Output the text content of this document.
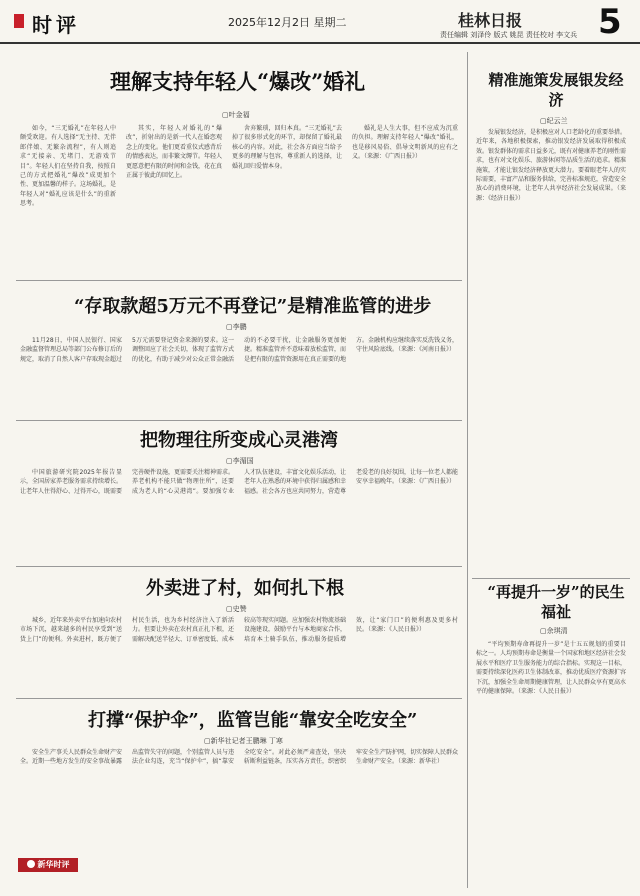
时评	2025年12月2日 星期二	桂林日报 5
责任编辑 刘泽伶 版式 姚昆 责任校对 李文兵
理解支持年轻人“爆改”婚礼
▢叶金福
如今，“三无婚礼”在年轻人中颇受欢迎。有人选择“无主持、无伴郎伴娘、无繁杂流程”，有人则追求“无接亲、无堵门、无游戏节目”。年轻人们在坚持自我，按照自己的方式把婚礼“爆改”成更加个性、更加温馨的样子。这场婚礼，是年轻人对“婚礼应该是什么”的重新思考。
其实，年轻人对婚礼的“爆改”，折射出的是新一代人在婚恋观念上的变化。他们更看重仪式感背后的情感表达，而非繁文缛节。年轻人更愿意把有限的时间和金钱，花在真正属于彼此的回忆上。
舍弃繁琐，回归本真。“三无婚礼”去掉了很多形式化的环节，却保留了婚礼最核心的内容。对此，社会各方面应当给予更多的理解与包容，尊重新人的选择，让婚礼回归爱情本身。
婚礼是人生大事，但不应成为沉重的负担。理解支持年轻人“爆改”婚礼，也是移风易俗、倡导文明新风的应有之义。（来源：《广西日报》）
“存取款超5万元不再登记”是精准监管的进步
▢李鹏
11月28日，中国人民银行、国家金融监督管理总局等部门公布修订后的规定，取消了自然人客户存取现金超过5万元需要登记资金来源的要求。这一调整回应了社会关切，体现了监管方式的优化，有助于减少对公众正常金融活动的不必要干扰，让金融服务更加便捷。精准监管并不意味着放松监管，而是把有限的监管资源用在真正需要的地方。金融机构应继续落实反洗钱义务，守住风险底线。（来源：《河南日报》）
把物理往所变成心灵港湾
▢李湄国
中国旅游研究院2025年报告显示，全国居家养老服务需求持续增长。让老年人住得舒心、过得开心，既需要完善硬件设施，更需要关注精神需求。养老机构不能只做“物理住所”，还要成为老人的“心灵港湾”。要加强专业人才队伍建设，丰富文化娱乐活动，让老年人在熟悉的环境中获得归属感和幸福感。社会各方也应共同努力，营造尊老爱老的良好氛围，让每一位老人都能安享幸福晚年。（来源：《广西日报》）
外卖进了村，如何扎下根
▢史赞
城乡，近年来外卖平台加速向农村市场下沉，越来越多的村民享受到“送货上门”的便利。外卖进村，既方便了村民生活，也为乡村经济注入了新活力。但要让外卖在农村真正扎下根，还需解决配送半径大、订单密度低、成本较高等现实问题。应加强农村物流基础设施建设，鼓励平台与本地商家合作，培育本土骑手队伍，推动服务提质增效，让“家门口”的便利惠及更多村民。（来源：《人民日报》）
打撑“保护伞”，监管岂能“靠安全吃安全”
▢新华社记者王鹏琳 丁寒
安全生产事关人民群众生命财产安全。近期一些地方发生的安全事故暴露出监管失守的问题，个别监管人员与违法企业勾连，充当“保护伞”，搞“靠安全吃安全”。对此必须严肃查处，坚决斩断利益链条，压实各方责任，织密织牢安全生产防护网，切实保障人民群众生命财产安全。（来源：新华社）
新华时评
精准施策发展银发经济
▢纪云兰
发展银发经济，是积极应对人口老龄化的重要举措。近年来，各地积极探索，推动银发经济发展取得积极成效。银发群体的需求日益多元，既有对健康养老的刚性需求，也有对文化娱乐、旅游休闲等品质生活的追求。精准施策，才能让银发经济释放更大潜力。要着眼老年人的实际需要，丰富产品和服务供给，完善标准规范，营造安全放心的消费环境，让老年人共享经济社会发展成果。（来源：《经济日报》）
“再提升一岁”的民生福祉
▢余琪清
“平均预期寿命再提升一岁”是十五五规划的重要目标之一。人均预期寿命是衡量一个国家和地区经济社会发展水平和医疗卫生服务能力的综合指标。实现这一目标，需要持续深化医药卫生体制改革，推动优质医疗资源扩容下沉，加强全生命周期健康管理，让人民群众享有更高水平的健康保障。（来源：《人民日报》）
